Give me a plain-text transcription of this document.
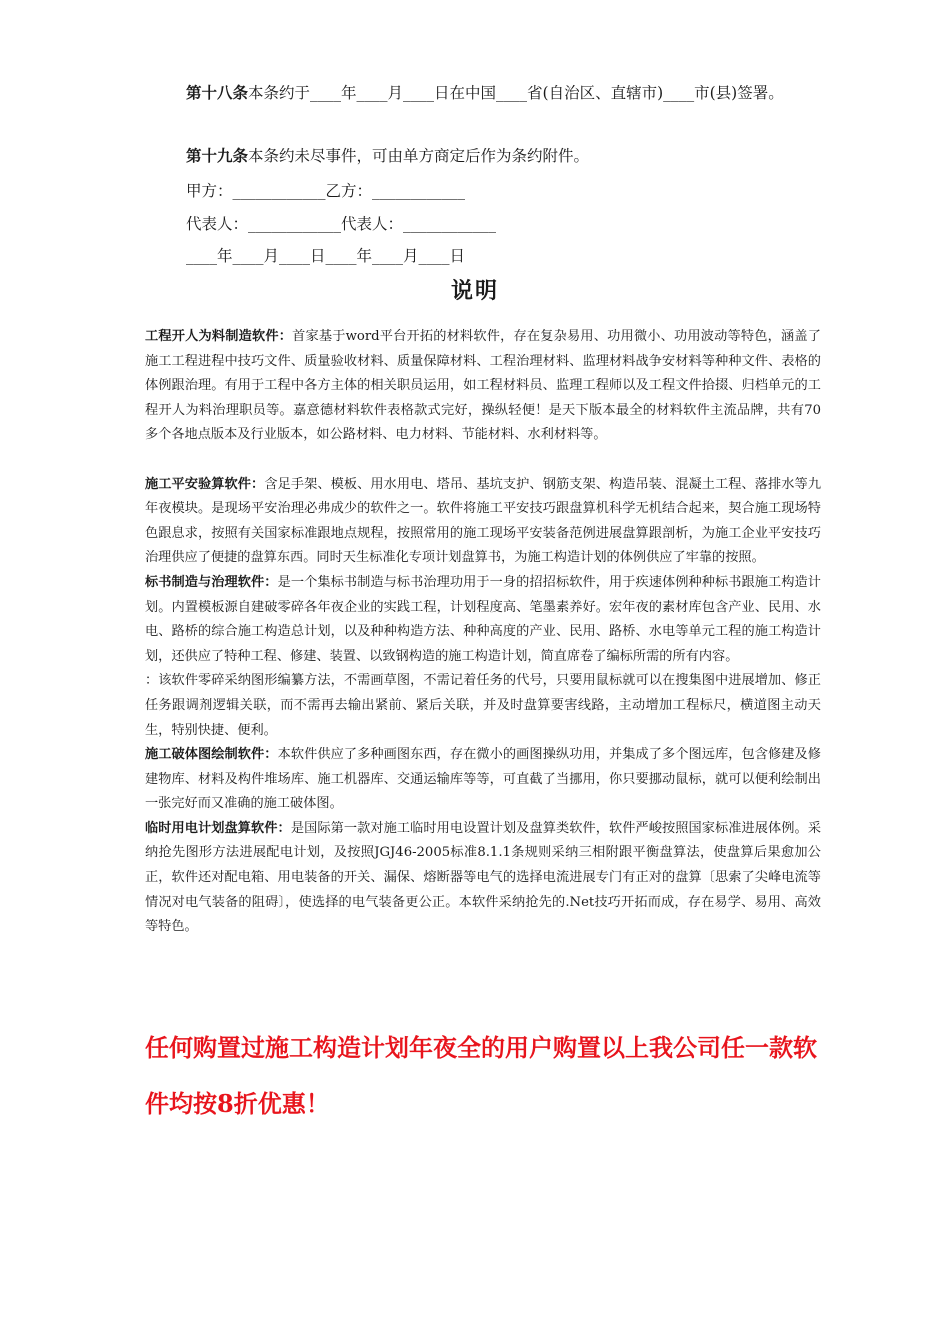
第十八条本条约于____年____月____日在中国____省(自治区、直辖市)____市(县)签署。

第十九条本条约未尽事件，可由单方商定后作为条约附件。

甲方：____________乙方：____________
代表人：____________代表人：____________
____年____月____日____年____月____日
说明

工程开人为料制造软件：首家基于word平台开拓的材料软件，存在复杂易用、功用微小、功用波动等特色，涵盖了施工工程进程中技巧文件、质量验收材料、质量保障材料、工程治理材料、监理材料战争安材料等种种文件、表格的体例跟治理。有用于工程中各方主体的相关职员运用，如工程材料员、监理工程师以及工程文件拾掇、归档单元的工程开人为料治理职员等。嘉意德材料软件表格款式完好，操纵轻便！是天下版本最全的材料软件主流品牌，共有70多个各地点版本及行业版本，如公路材料、电力材料、节能材料、水利材料等。

施工平安验算软件：含足手架、模板、用水用电、塔吊、基坑支护、钢筋支架、构造吊装、混凝土工程、落排水等九年夜模块。是现场平安治理必弗成少的软件之一。软件将施工平安技巧跟盘算机科学无机结合起来，契合施工现场特色跟息求，按照有关国家标准跟地点规程，按照常用的施工现场平安装备范例进展盘算跟剖析，为施工企业平安技巧治理供应了便捷的盘算东西。同时天生标准化专项计划盘算书，为施工构造计划的体例供应了牢靠的按照。

标书制造与治理软件：是一个集标书制造与标书治理功用于一身的招招标软件，用于疾速体例种种标书跟施工构造计划。内置模板源自建破零碎各年夜企业的实践工程，计划程度高、笔墨素养好。宏年夜的素材库包含产业、民用、水电、路桥的综合施工构造总计划，以及种种构造方法、种种高度的产业、民用、路桥、水电等单元工程的施工构造计划，还供应了特种工程、修建、装置、以致钢构造的施工构造计划，简直席卷了编标所需的所有内容。

：该软件零碎采纳图形编纂方法，不需画草图，不需记着任务的代号，只要用鼠标就可以在搜集图中进展增加、修正任务跟调剂逻辑关联，而不需再去输出紧前、紧后关联，并及时盘算要害线路，主动增加工程标尺，横道图主动天生，特别快捷、便利。

施工破体图绘制软件：本软件供应了多种画图东西，存在微小的画图操纵功用，并集成了多个图远库，包含修建及修建物库、材料及构件堆场库、施工机器库、交通运输库等等，可直截了当挪用，你只要挪动鼠标，就可以便利绘制出一张完好而又准确的施工破体图。

临时用电计划盘算软件：是国际第一款对施工临时用电设置计划及盘算类软件，软件严峻按照国家标准进展体例。采纳抢先图形方法进展配电计划，及按照JGJ46-2005标准8.1.1条规则采纳三相附跟平衡盘算法，使盘算后果愈加公正，软件还对配电箱、用电装备的开关、漏保、熔断器等电气的选择电流进展专门有正对的盘算〔思索了尖峰电流等情况对电气装备的阻碍〕，使选择的电气装备更公正。本软件采纳抢先的.Net技巧开拓而成，存在易学、易用、高效等特色。

任何购置过施工构造计划年夜全的用户购置以上我公司任一款软件均按8折优惠！
